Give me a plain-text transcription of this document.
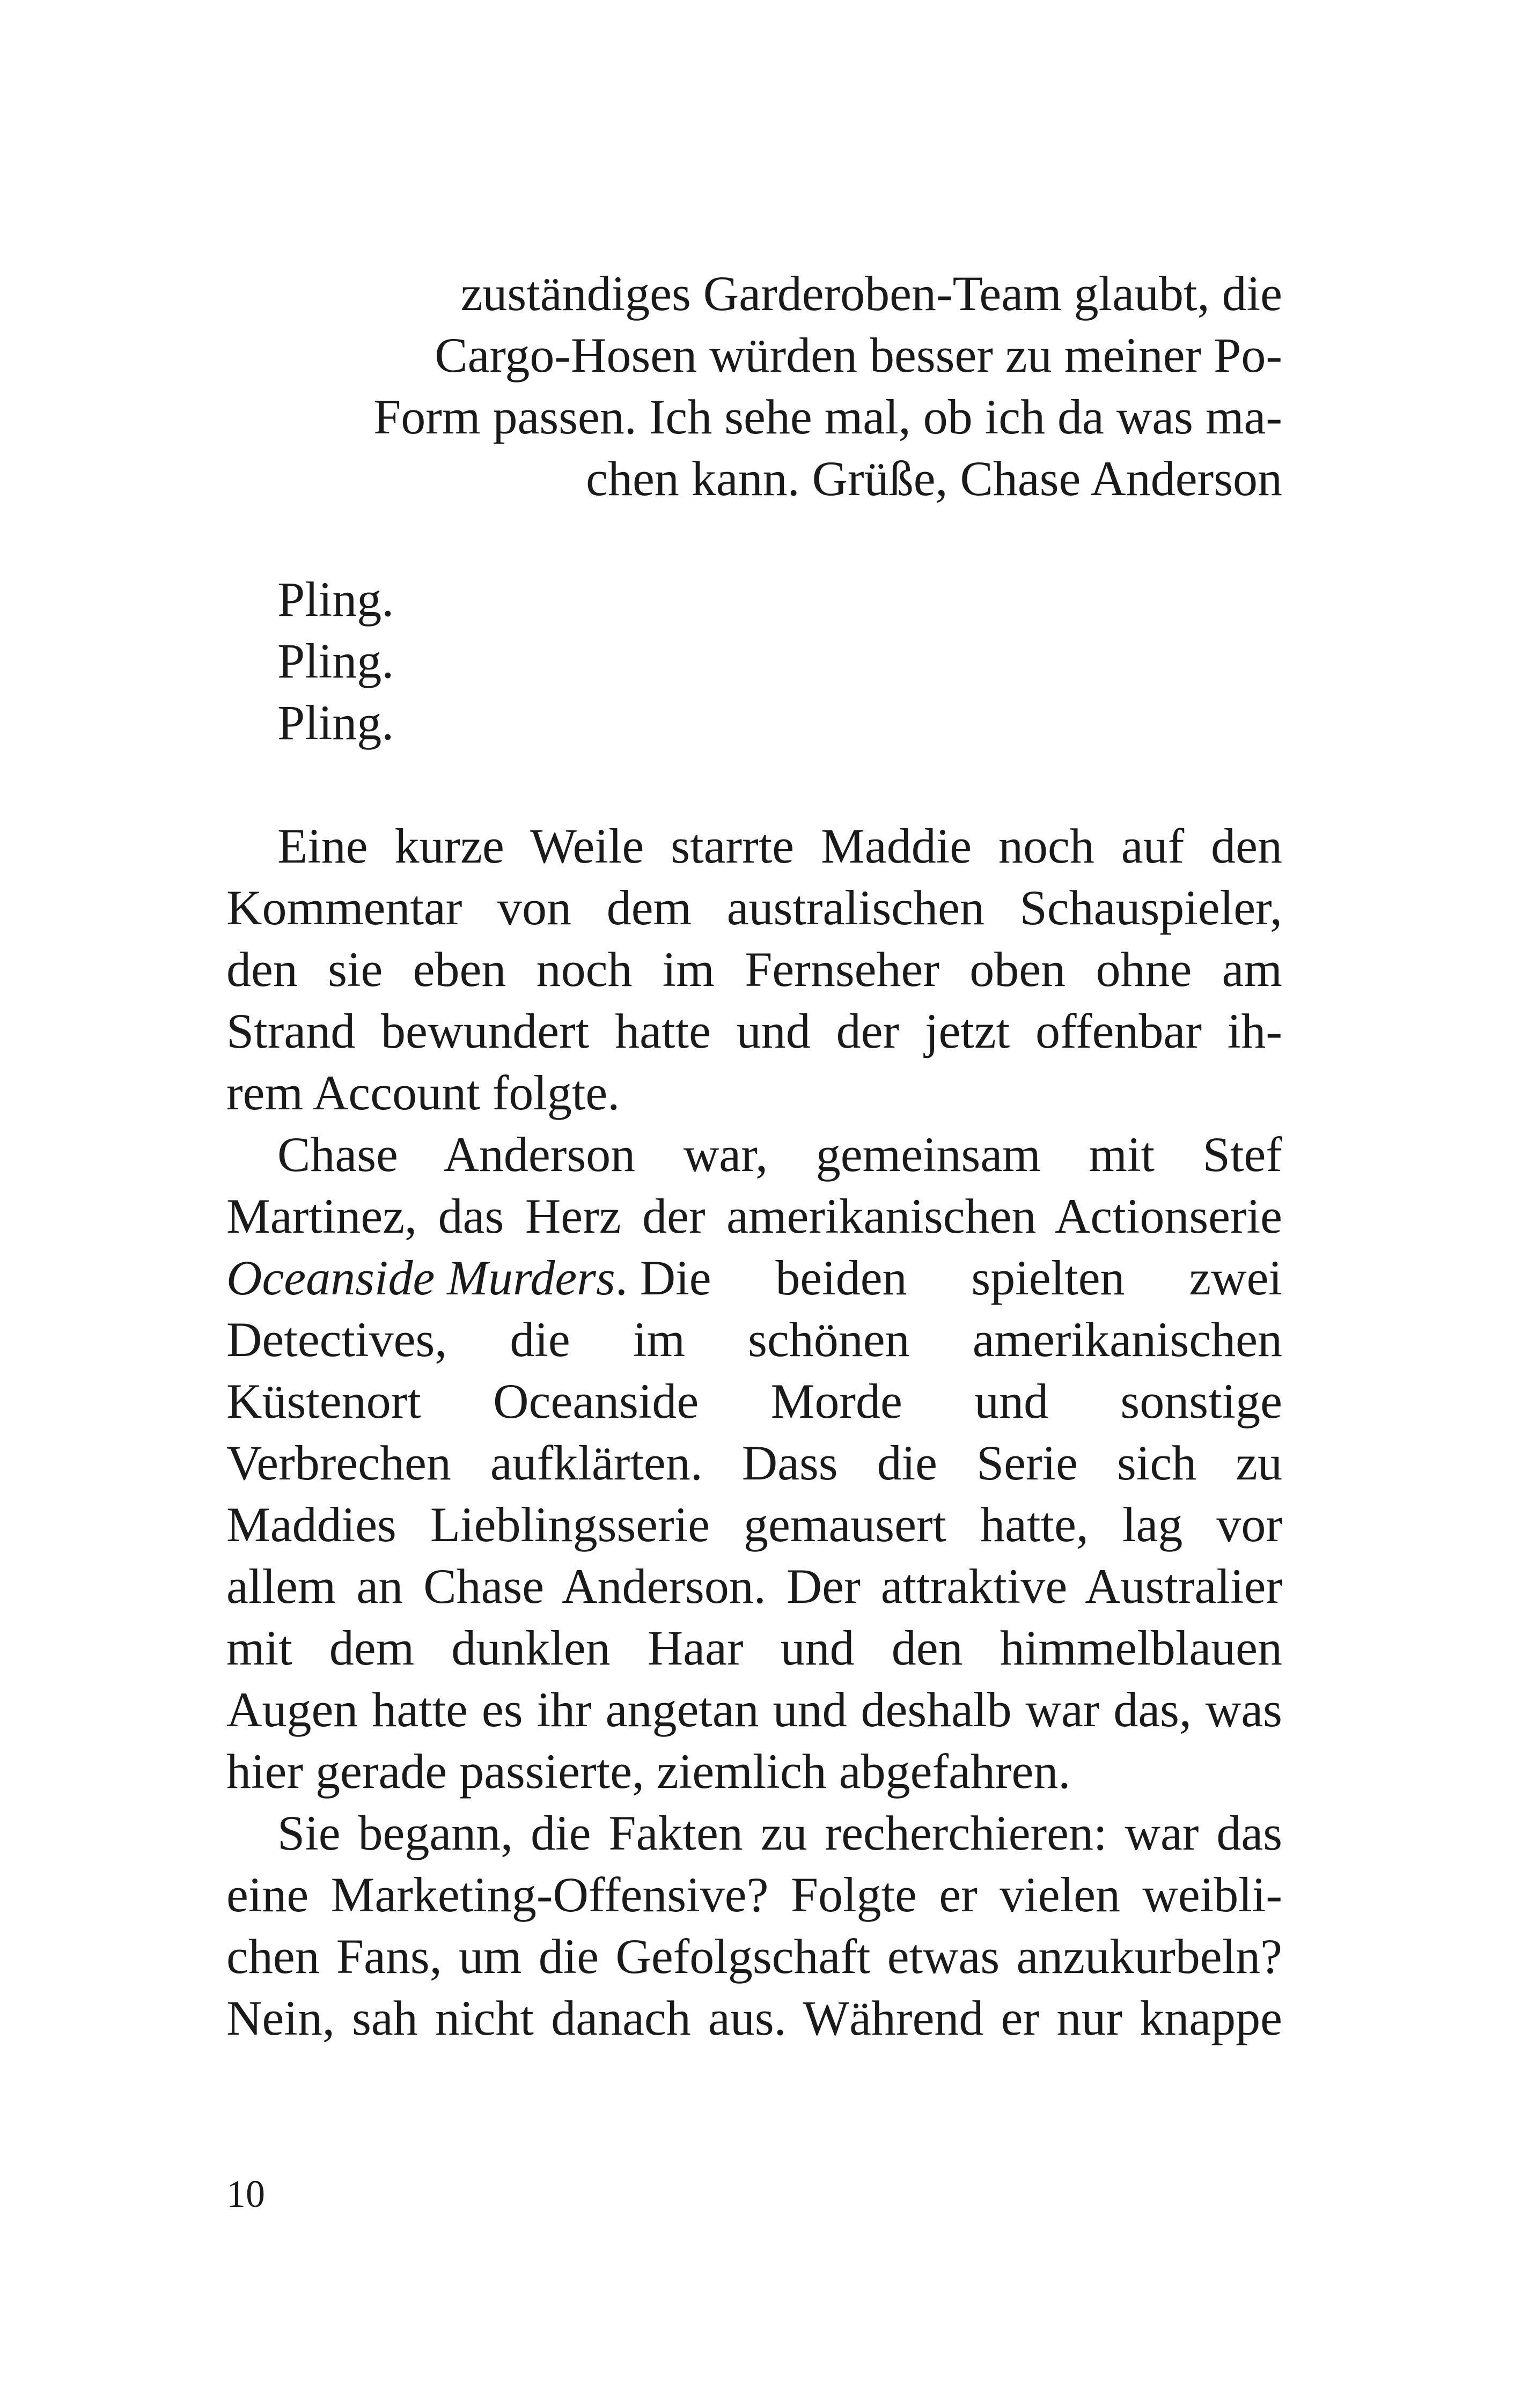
zuständiges Garderoben-Team glaubt, die
Cargo-Hosen würden besser zu meiner Po-
Form passen. Ich sehe mal, ob ich da was ma-
chen kann. Grüße, Chase Anderson
Pling.
Pling.
Pling.
Eine kurze Weile starrte Maddie noch auf den
Kommentar von dem australischen Schauspieler,
den sie eben noch im Fernseher oben ohne am
Strand bewundert hatte und der jetzt offenbar ih-
rem Account folgte.
Chase Anderson war, gemeinsam mit Stef
Martinez, das Herz der amerikanischen Actionserie
Oceanside Murders. Die beiden spielten zwei
Detectives, die im schönen amerikanischen
Küstenort Oceanside Morde und sonstige
Verbrechen aufklärten. Dass die Serie sich zu
Maddies Lieblingsserie gemausert hatte, lag vor
allem an Chase Anderson. Der attraktive Australier
mit dem dunklen Haar und den himmelblauen
Augen hatte es ihr angetan und deshalb war das, was
hier gerade passierte, ziemlich abgefahren.
Sie begann, die Fakten zu recherchieren: war das
eine Marketing-Offensive? Folgte er vielen weibli-
chen Fans, um die Gefolgschaft etwas anzukurbeln?
Nein, sah nicht danach aus. Während er nur knappe
10
